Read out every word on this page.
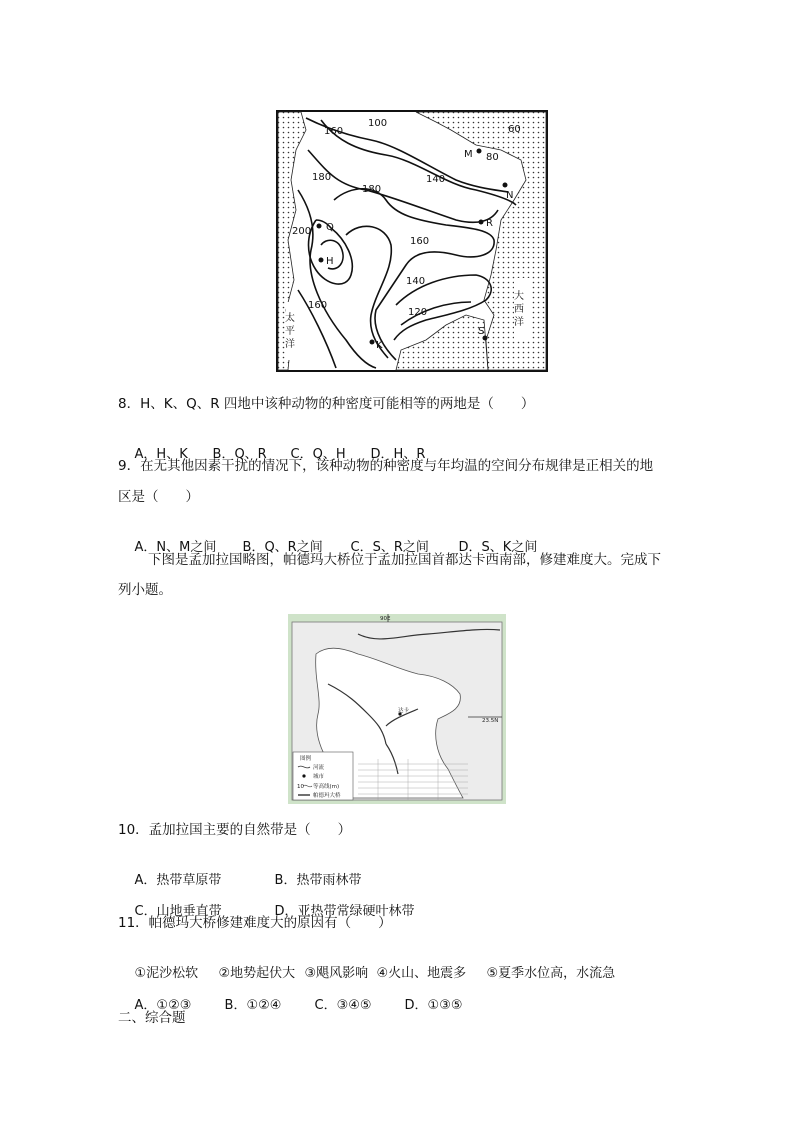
160
100
60
80
180	140
180
200
160
140
120
160
M
N
Q	R
H
K
S
大 西 洋
太 平 洋
8．H、K、Q、R 四地中该种动物的种密度可能相等的两地是（　　）

A．H、K B．Q、R C．Q、H D．H、R

9．在无其他因素干扰的情况下，该种动物的种密度与年均温的空间分布规律是正相关的地
区是（　　）

A．N、M之间 B．Q、R之间 C．S、R之间 D．S、K之间

下图是孟加拉国略图，帕德玛大桥位于孟加拉国首都达卡西南部，修建难度大。完成下
列小题。
90E
23.5N
达卡
图例
河流
城市
10 等高线(m)
帕德玛大桥
10．孟加拉国主要的自然带是（　　）

A．热带草原带	B．热带雨林带

C．山地垂直带	D．亚热带常绿硬叶林带

11．帕德玛大桥修建难度大的原因有（　　）

①泥沙松软 ②地势起伏大 ③飓风影响 ④火山、地震多 ⑤夏季水位高，水流急

A．①②③	B．①②④	C．③④⑤	D．①③⑤

二、综合题
